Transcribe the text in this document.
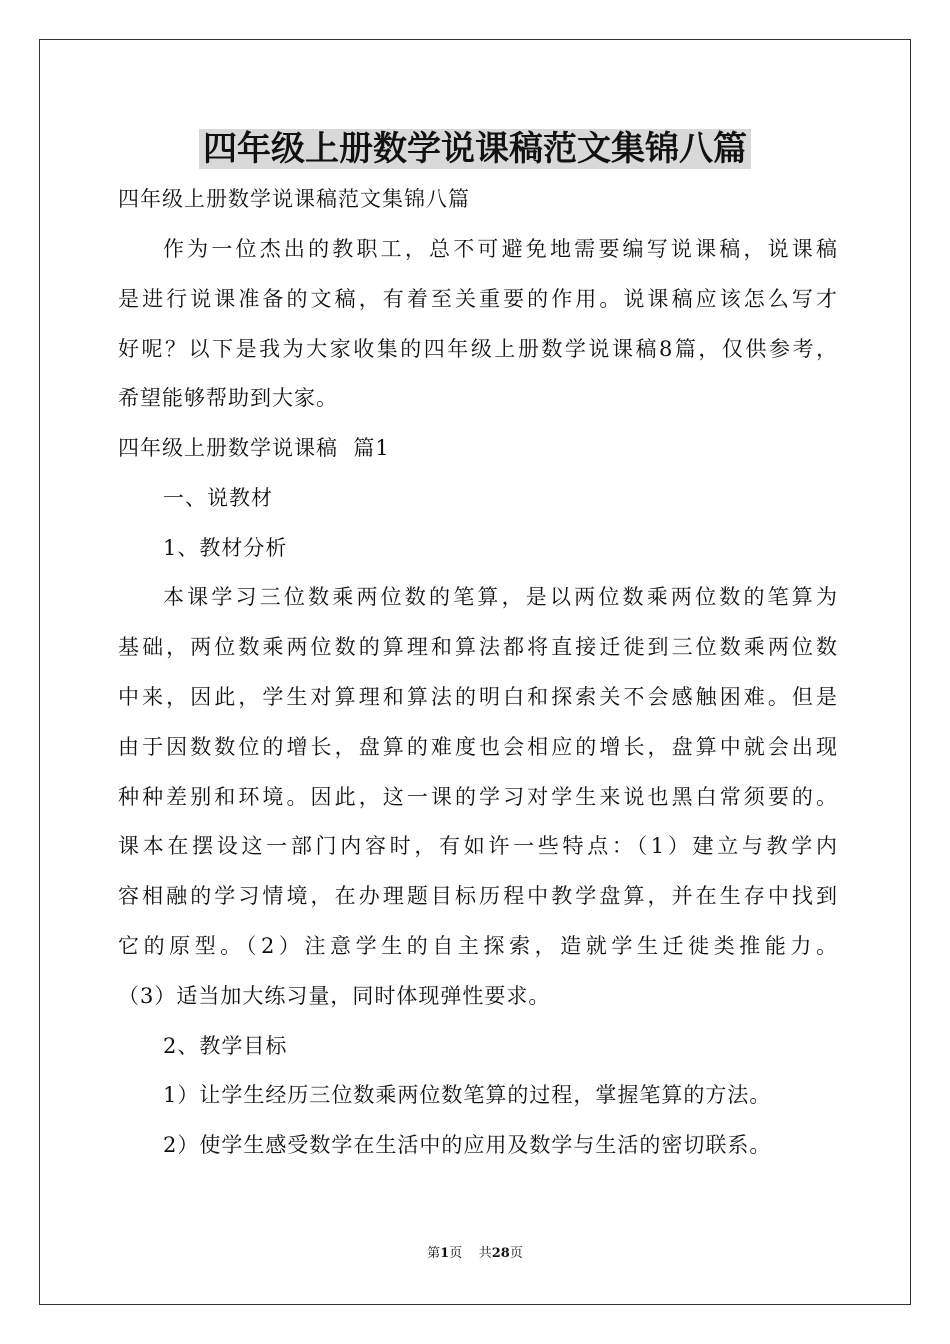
四年级上册数学说课稿范文集锦八篇
四年级上册数学说课稿范文集锦八篇
作为一位杰出的教职工，总不可避免地需要编写说课稿，说课稿
是进行说课准备的文稿，有着至关重要的作用。说课稿应该怎么写才
好呢？以下是我为大家收集的四年级上册数学说课稿8篇，仅供参考，
希望能够帮助到大家。
四年级上册数学说课稿  篇1
一、说教材
1、教材分析
本课学习三位数乘两位数的笔算，是以两位数乘两位数的笔算为
基础，两位数乘两位数的算理和算法都将直接迁徙到三位数乘两位数
中来，因此，学生对算理和算法的明白和探索关不会感触困难。但是
由于因数数位的增长，盘算的难度也会相应的增长，盘算中就会出现
种种差别和环境。因此，这一课的学习对学生来说也黑白常须要的。
课本在摆设这一部门内容时，有如许一些特点：（1）建立与教学内
容相融的学习情境，在办理题目标历程中教学盘算，并在生存中找到
它的原型。（2）注意学生的自主探索，造就学生迁徙类推能力。
（3）适当加大练习量，同时体现弹性要求。
2、教学目标
1）让学生经历三位数乘两位数笔算的过程，掌握笔算的方法。
2）使学生感受数学在生活中的应用及数学与生活的密切联系。
第1页    共28页
